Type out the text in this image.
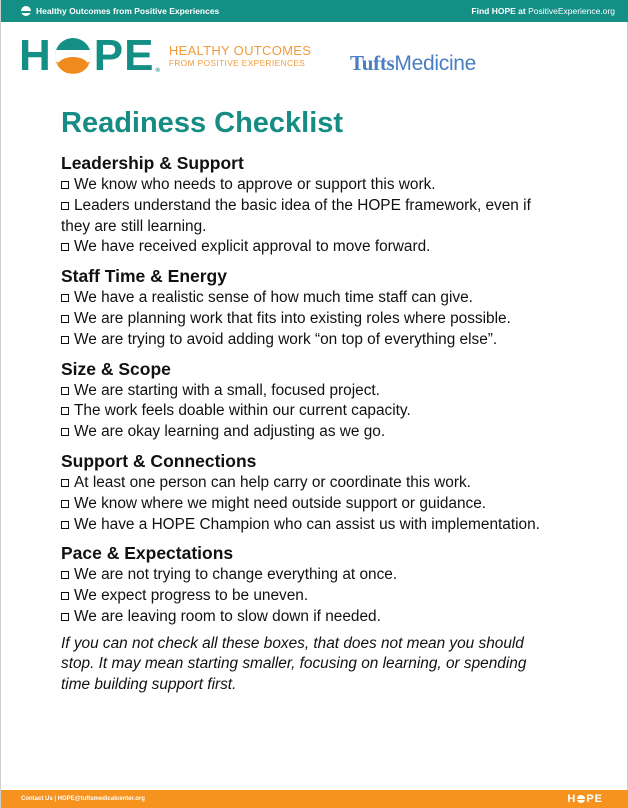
Healthy Outcomes from Positive Experiences	Find HOPE at PositiveExperience.org
H PE ®
HEALTHY OUTCOMES
FROM POSITIVE EXPERIENCES TuftsMedicine
Readiness Checklist
Leadership & Support
We know who needs to approve or support this work.
Leaders understand the basic idea of the HOPE framework, even if they are still learning.
We have received explicit approval to move forward.
Staff Time & Energy
We have a realistic sense of how much time staff can give.
We are planning work that fits into existing roles where possible.
We are trying to avoid adding work “on top of everything else”.
Size & Scope
We are starting with a small, focused project.
The work feels doable within our current capacity.
We are okay learning and adjusting as we go.
Support & Connections
At least one person can help carry or coordinate this work.
We know where we might need outside support or guidance.
We have a HOPE Champion who can assist us with implementation.
Pace & Expectations
We are not trying to change everything at once.
We expect progress to be uneven.
We are leaving room to slow down if needed.
If you can not check all these boxes, that does not mean you should stop. It may mean starting smaller, focusing on learning, or spending time building support first.
Contact Us | HOPE@tuftsmedicalcenter.org	H PE
